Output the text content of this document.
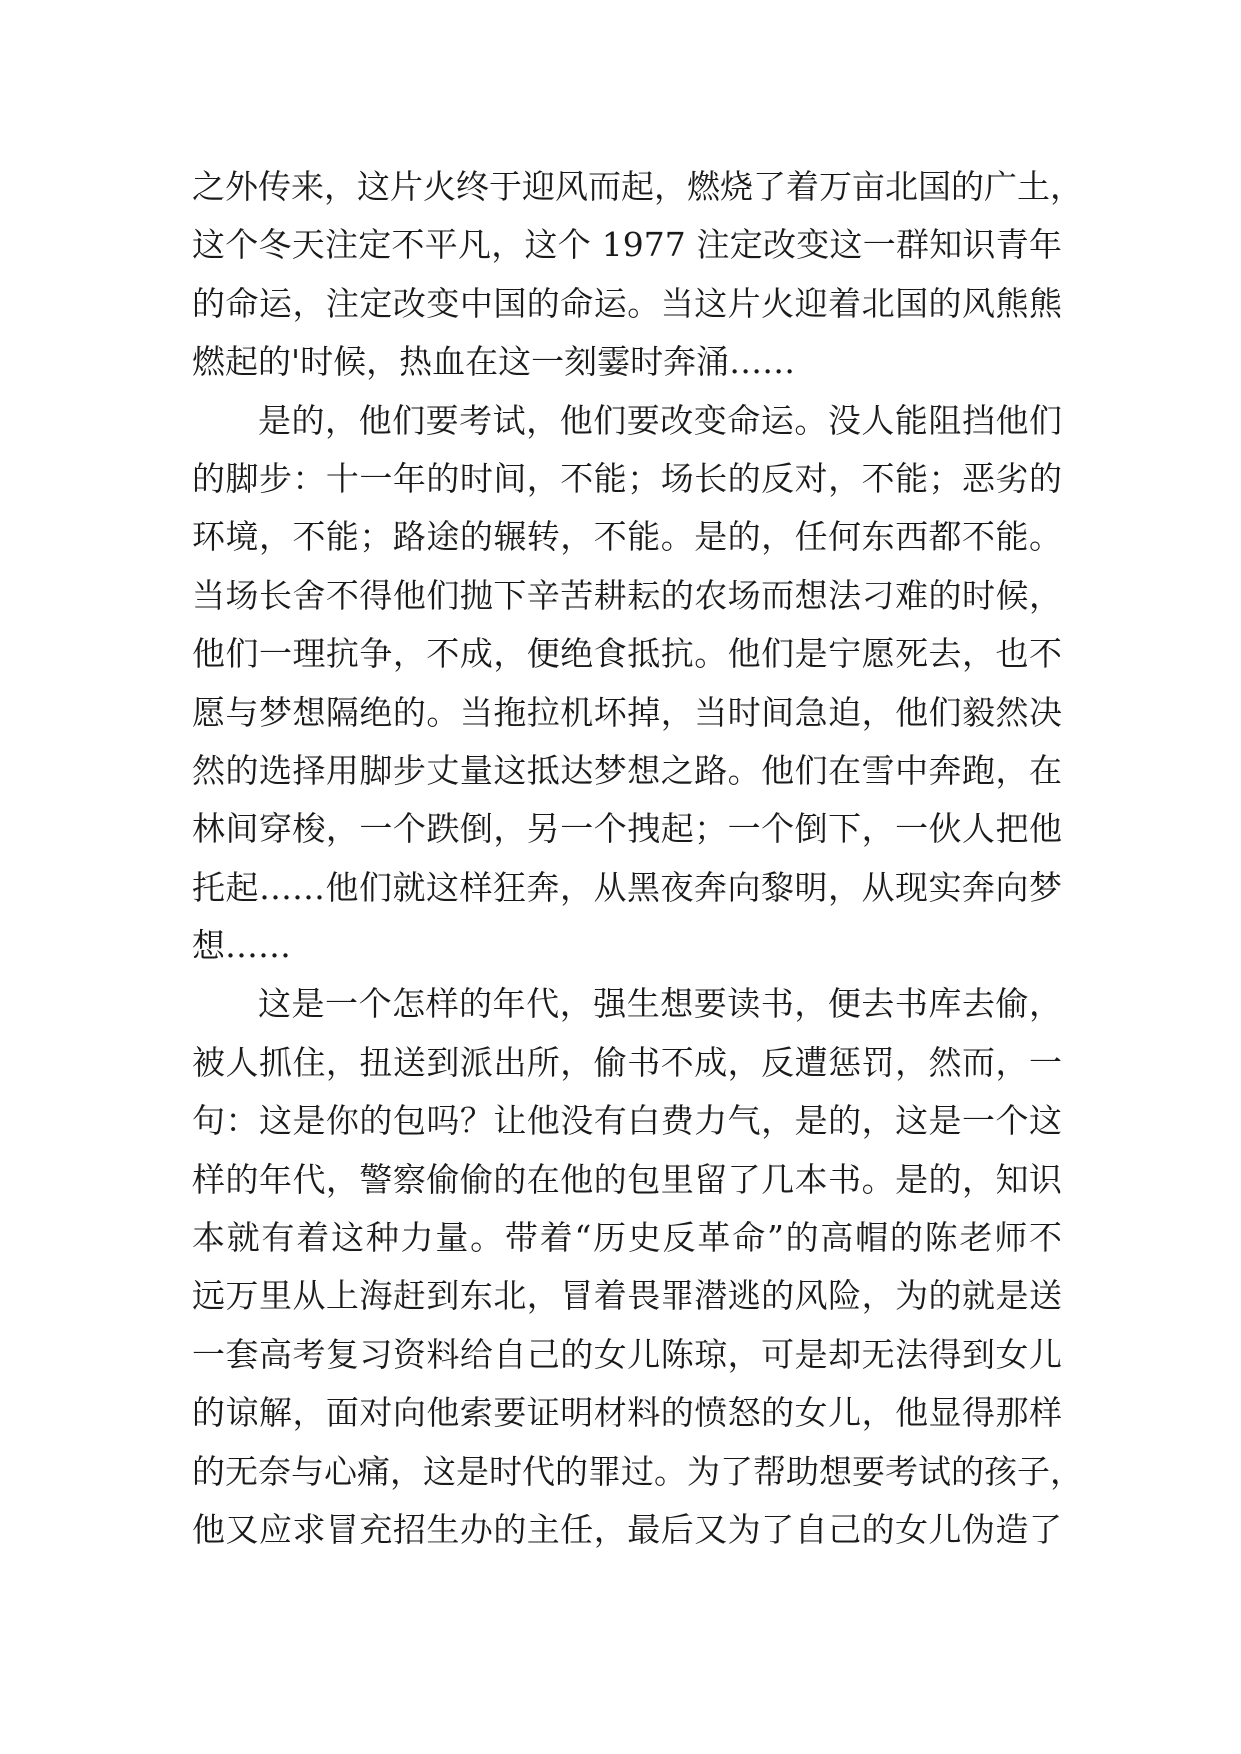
之外传来，这片火终于迎风而起，燃烧了着万亩北国的广土，
这个冬天注定不平凡，这个 1977 注定改变这一群知识青年
的命运，注定改变中国的命运。当这片火迎着北国的风熊熊
燃起的'时候，热血在这一刻霎时奔涌……
是的，他们要考试，他们要改变命运。没人能阻挡他们
的脚步：十一年的时间，不能；场长的反对，不能；恶劣的
环境，不能；路途的辗转，不能。是的，任何东西都不能。
当场长舍不得他们抛下辛苦耕耘的农场而想法刁难的时候，
他们一理抗争，不成，便绝食抵抗。他们是宁愿死去，也不
愿与梦想隔绝的。当拖拉机坏掉，当时间急迫，他们毅然决
然的选择用脚步丈量这抵达梦想之路。他们在雪中奔跑，在
林间穿梭，一个跌倒，另一个拽起；一个倒下，一伙人把他
托起……他们就这样狂奔，从黑夜奔向黎明，从现实奔向梦
想……
这是一个怎样的年代，强生想要读书，便去书库去偷，
被人抓住，扭送到派出所，偷书不成，反遭惩罚，然而，一
句：这是你的包吗？让他没有白费力气，是的，这是一个这
样的年代，警察偷偷的在他的包里留了几本书。是的，知识
本就有着这种力量。带着“历史反革命”的高帽的陈老师不
远万里从上海赶到东北，冒着畏罪潜逃的风险，为的就是送
一套高考复习资料给自己的女儿陈琼，可是却无法得到女儿
的谅解，面对向他索要证明材料的愤怒的女儿，他显得那样
的无奈与心痛，这是时代的罪过。为了帮助想要考试的孩子，
他又应求冒充招生办的主任，最后又为了自己的女儿伪造了
